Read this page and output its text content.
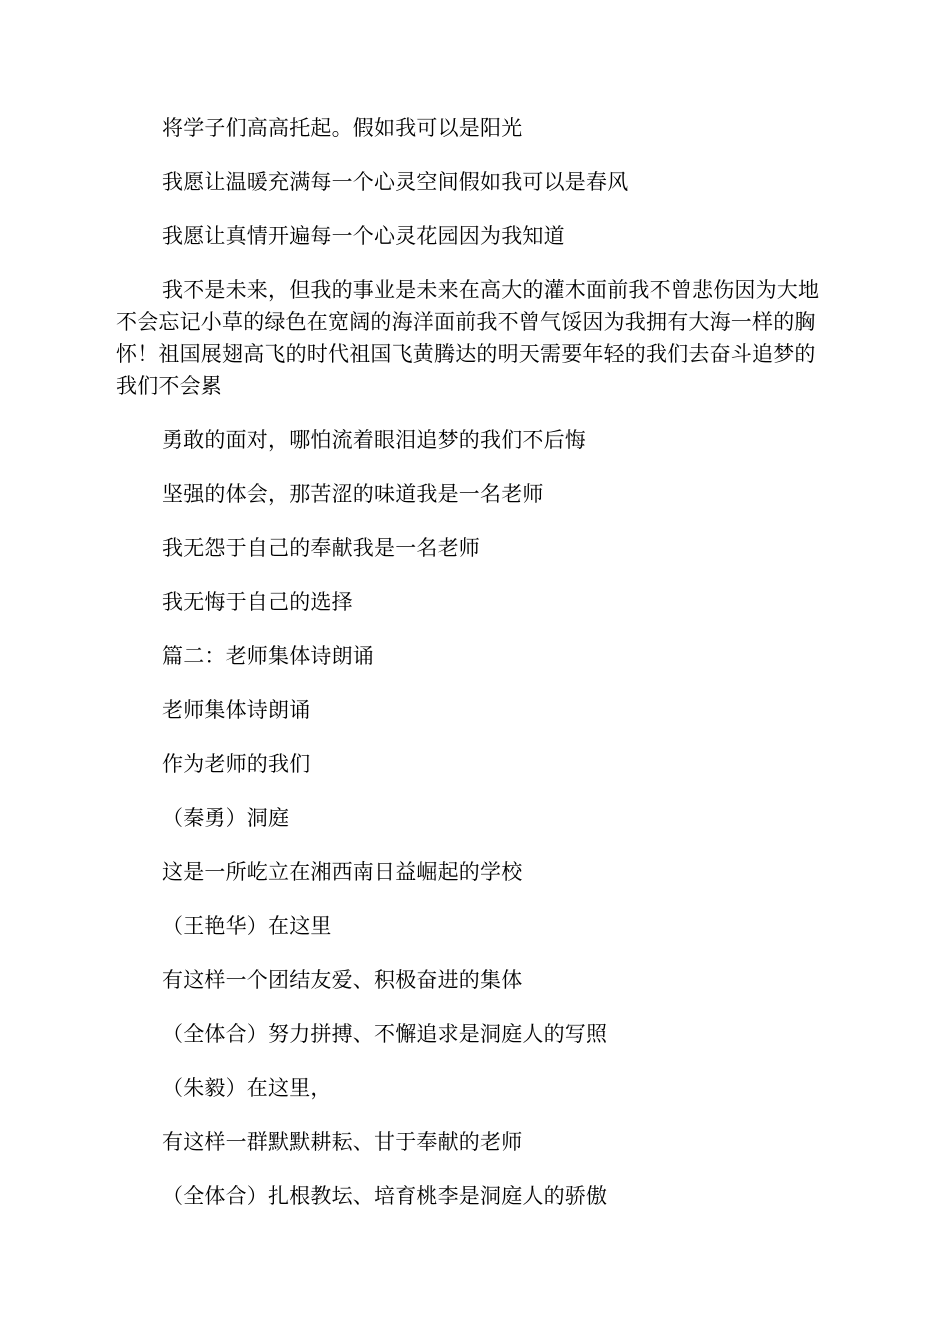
将学子们高高托起。假如我可以是阳光

我愿让温暖充满每一个心灵空间假如我可以是春风

我愿让真情开遍每一个心灵花园因为我知道

我不是未来，但我的事业是未来在高大的灌木面前我不曾悲伤因为大地不会忘记小草的绿色在宽阔的海洋面前我不曾气馁因为我拥有大海一样的胸怀！祖国展翅高飞的时代祖国飞黄腾达的明天需要年轻的我们去奋斗追梦的我们不会累

勇敢的面对，哪怕流着眼泪追梦的我们不后悔

坚强的体会，那苦涩的味道我是一名老师

我无怨于自己的奉献我是一名老师

我无悔于自己的选择

篇二：老师集体诗朗诵

老师集体诗朗诵

作为老师的我们

（秦勇）洞庭

这是一所屹立在湘西南日益崛起的学校

（王艳华）在这里

有这样一个团结友爱、积极奋进的集体

（全体合）努力拼搏、不懈追求是洞庭人的写照

（朱毅）在这里，

有这样一群默默耕耘、甘于奉献的老师

（全体合）扎根教坛、培育桃李是洞庭人的骄傲
